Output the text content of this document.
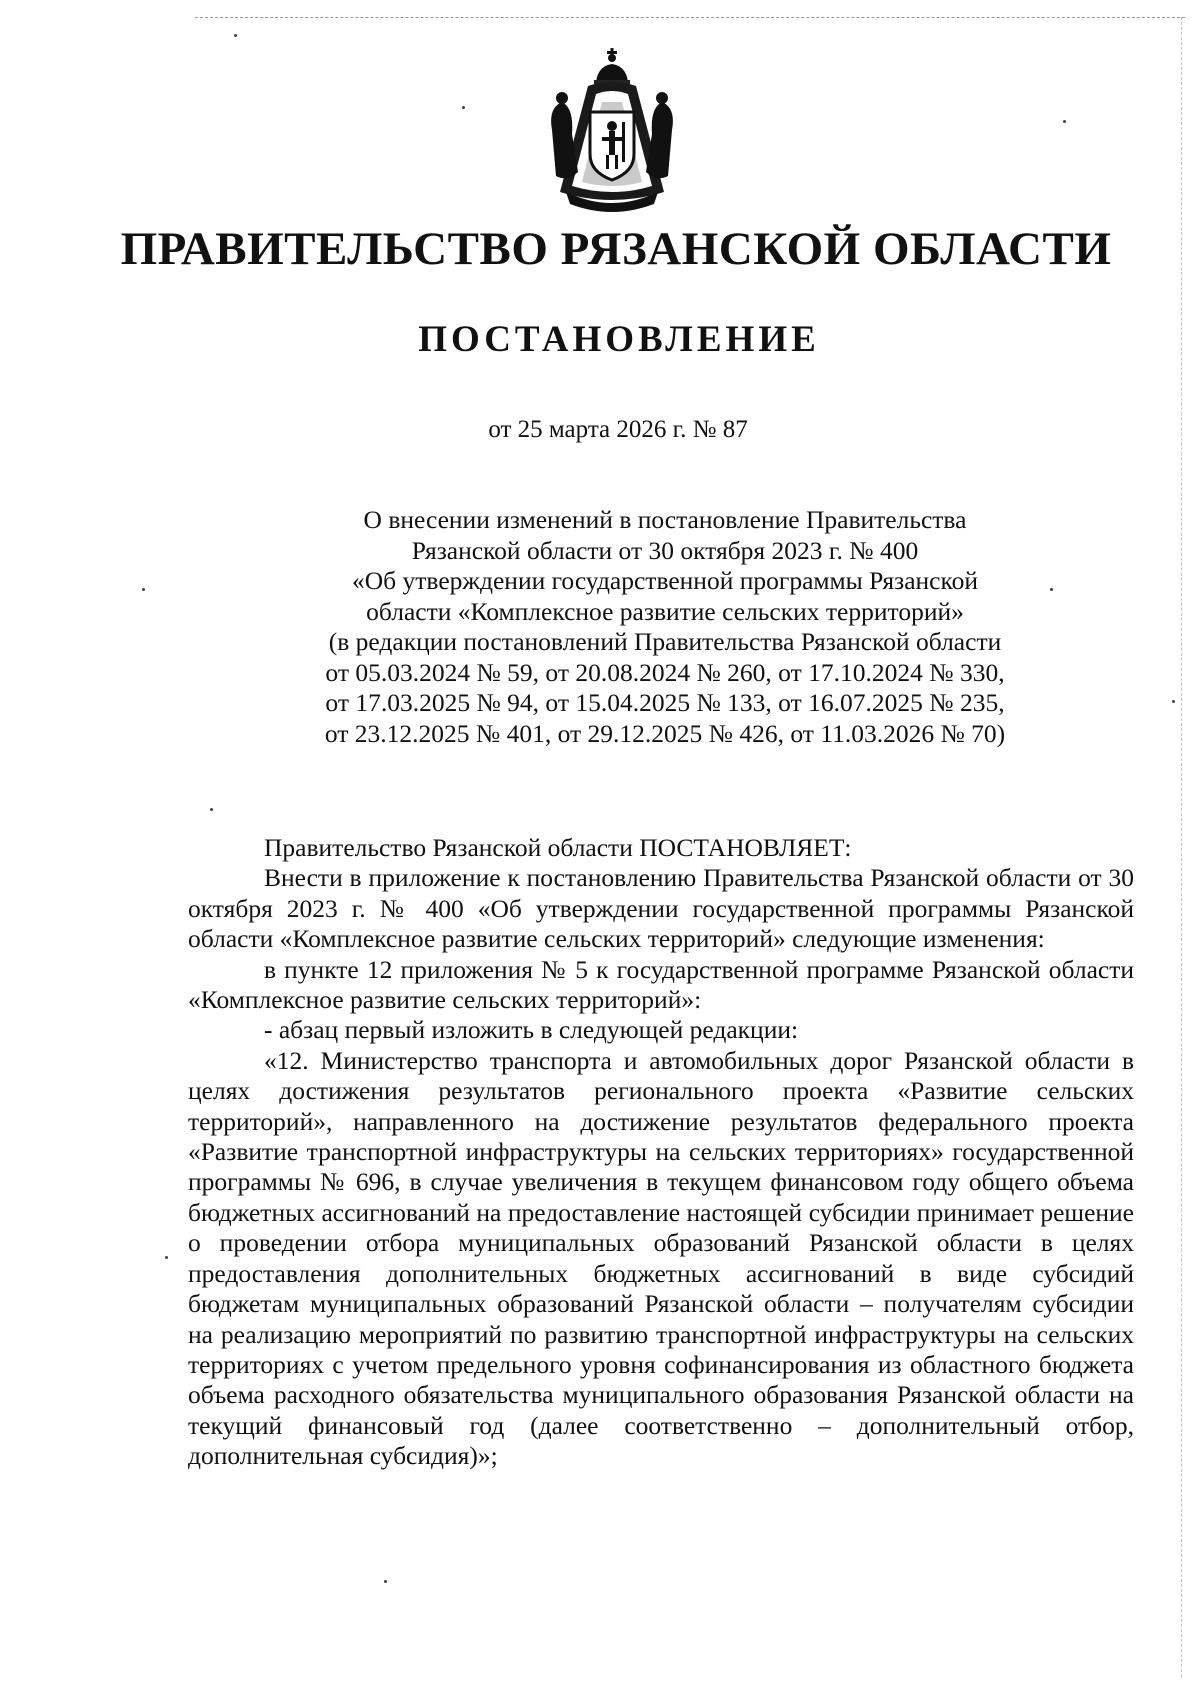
ПРАВИТЕЛЬСТВО РЯЗАНСКОЙ ОБЛАСТИ
ПОСТАНОВЛЕНИЕ
от 25 марта 2026 г. № 87
О внесении изменений в постановление Правительства
Рязанской области от 30 октября 2023 г. № 400
«Об утверждении государственной программы Рязанской
области «Комплексное развитие сельских территорий»
(в редакции постановлений Правительства Рязанской области
от 05.03.2024 № 59, от 20.08.2024 № 260, от 17.10.2024 № 330,
от 17.03.2025 № 94, от 15.04.2025 № 133, от 16.07.2025 № 235,
от 23.12.2025 № 401, от 29.12.2025 № 426, от 11.03.2026 № 70)

Правительство Рязанской области ПОСТАНОВЛЯЕТ:

Внести в приложение к постановлению Правительства Рязанской области от 30 октября 2023 г. № 400 «Об утверждении государственной программы Рязанской области «Комплексное развитие сельских территорий» следующие изменения:

в пункте 12 приложения № 5 к государственной программе Рязанской области «Комплексное развитие сельских территорий»:

- абзац первый изложить в следующей редакции:

«12. Министерство транспорта и автомобильных дорог Рязанской области в целях достижения результатов регионального проекта «Развитие сельских территорий», направленного на достижение результатов федерального проекта «Развитие транспортной инфраструктуры на сельских территориях» государственной программы № 696, в случае увеличения в текущем финансовом году общего объема бюджетных ассигнований на предоставление настоящей субсидии принимает решение о проведении отбора муниципальных образований Рязанской области в целях предоставления дополнительных бюджетных ассигнований в виде субсидий бюджетам муниципальных образований Рязанской области – получателям субсидии на реализацию мероприятий по развитию транспортной инфраструктуры на сельских территориях с учетом предельного уровня софинансирования из областного бюджета объема расходного обязательства муниципального образования Рязанской области на текущий финансовый год (далее соответственно – дополнительный отбор, дополнительная субсидия)»;
